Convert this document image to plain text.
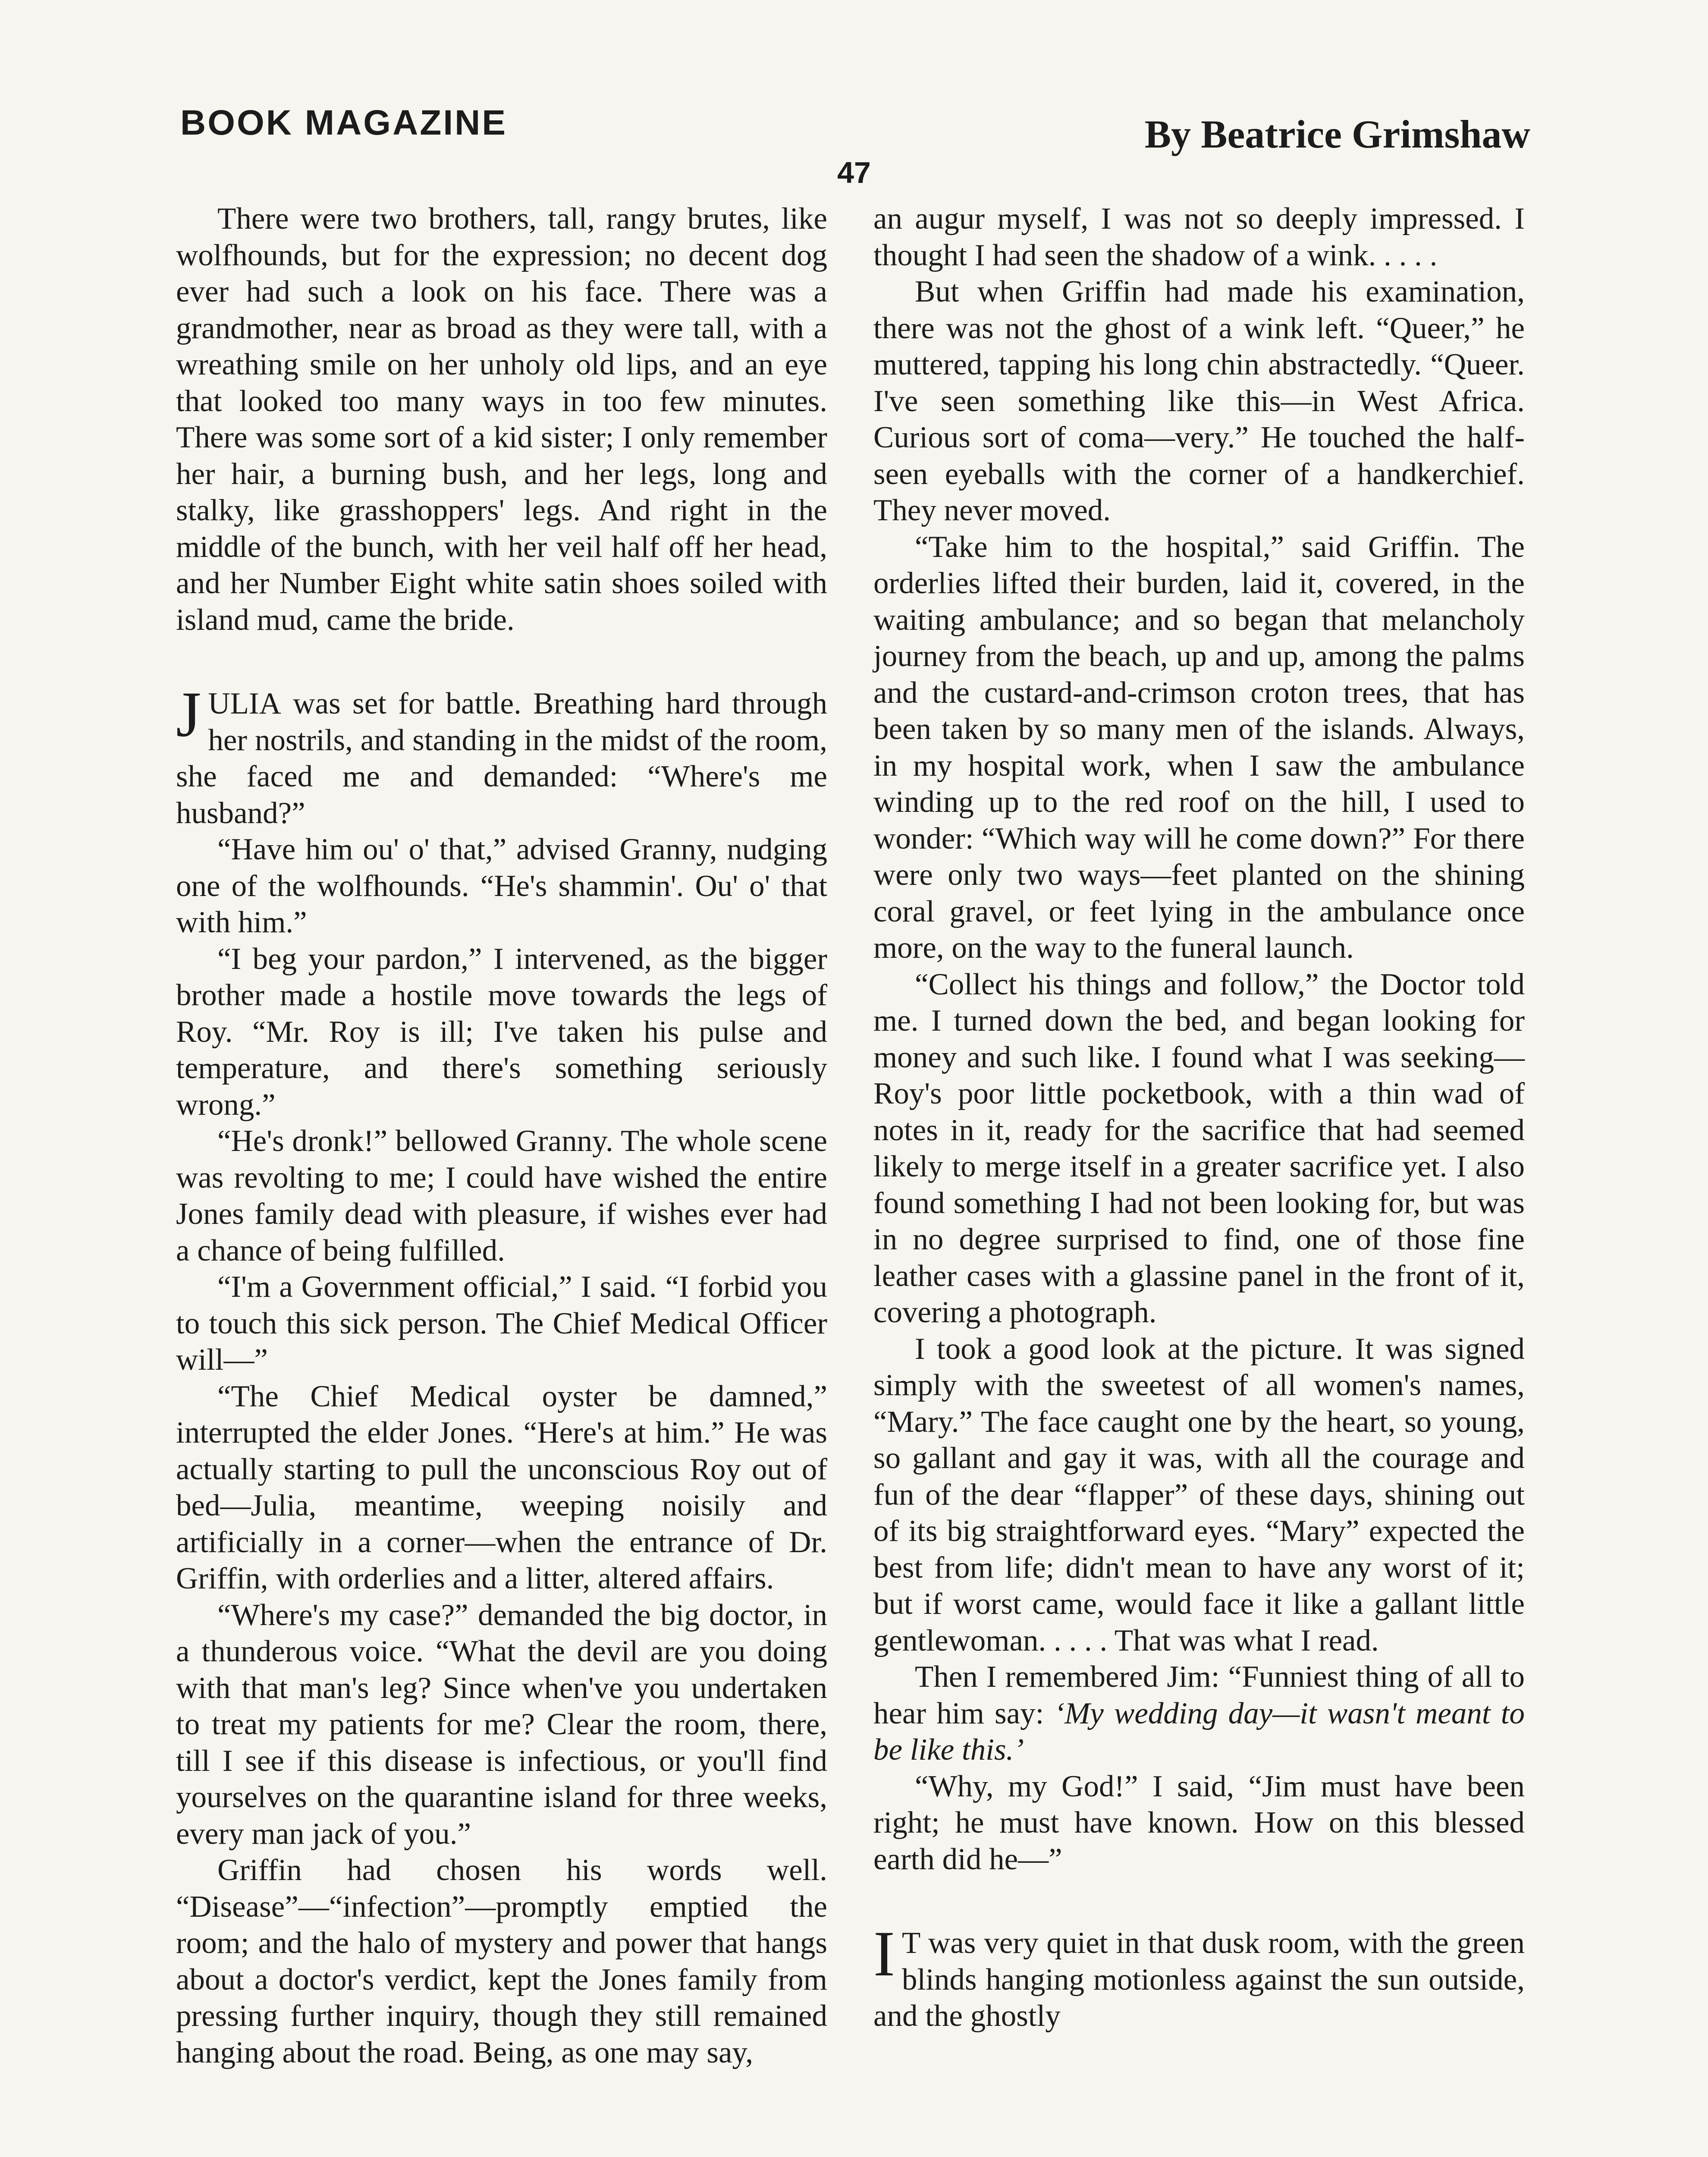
BOOK MAGAZINE	By Beatrice Grimshaw
47

There were two brothers, tall, rangy brutes, like wolfhounds, but for the expression; no decent dog ever had such a look on his face. There was a grandmother, near as broad as they were tall, with a wreathing smile on her unholy old lips, and an eye that looked too many ways in too few minutes. There was some sort of a kid sister; I only remember her hair, a burning bush, and her legs, long and stalky, like grasshoppers' legs. And right in the middle of the bunch, with her veil half off her head, and her Number Eight white satin shoes soiled with island mud, came the bride.

JULIA was set for battle. Breathing hard through her nostrils, and standing in the midst of the room, she faced me and demanded: “Where's me husband?”

“Have him ou' o' that,” advised Granny, nudging one of the wolfhounds. “He's shammin'. Ou' o' that with him.”

“I beg your pardon,” I intervened, as the bigger brother made a hostile move towards the legs of Roy. “Mr. Roy is ill; I've taken his pulse and temperature, and there's something seriously wrong.”

“He's dronk!” bellowed Granny. The whole scene was revolting to me; I could have wished the entire Jones family dead with pleasure, if wishes ever had a chance of being fulfilled.

“I'm a Government official,” I said. “I forbid you to touch this sick person. The Chief Medical Officer will—”

“The Chief Medical oyster be damned,” interrupted the elder Jones. “Here's at him.” He was actually starting to pull the unconscious Roy out of bed—Julia, meantime, weeping noisily and artificially in a corner—when the entrance of Dr. Griffin, with orderlies and a litter, altered affairs.

“Where's my case?” demanded the big doctor, in a thunderous voice. “What the devil are you doing with that man's leg? Since when've you undertaken to treat my patients for me? Clear the room, there, till I see if this disease is infectious, or you'll find yourselves on the quarantine island for three weeks, every man jack of you.”

Griffin had chosen his words well. “Disease”—“infection”—promptly emptied the room; and the halo of mystery and power that hangs about a doctor's verdict, kept the Jones family from pressing further inquiry, though they still remained hanging about the road. Being, as one may say,

an augur myself, I was not so deeply impressed. I thought I had seen the shadow of a wink. . . . .

But when Griffin had made his examination, there was not the ghost of a wink left. “Queer,” he muttered, tapping his long chin abstractedly. “Queer. I've seen something like this—in West Africa. Curious sort of coma—very.” He touched the half-seen eyeballs with the corner of a handkerchief. They never moved.

“Take him to the hospital,” said Griffin. The orderlies lifted their burden, laid it, covered, in the waiting ambulance; and so began that melancholy journey from the beach, up and up, among the palms and the custard-and-crimson croton trees, that has been taken by so many men of the islands. Always, in my hospital work, when I saw the ambulance winding up to the red roof on the hill, I used to wonder: “Which way will he come down?” For there were only two ways—feet planted on the shining coral gravel, or feet lying in the ambulance once more, on the way to the funeral launch.

“Collect his things and follow,” the Doctor told me. I turned down the bed, and began looking for money and such like. I found what I was seeking—Roy's poor little pocketbook, with a thin wad of notes in it, ready for the sacrifice that had seemed likely to merge itself in a greater sacrifice yet. I also found something I had not been looking for, but was in no degree surprised to find, one of those fine leather cases with a glassine panel in the front of it, covering a photograph.

I took a good look at the picture. It was signed simply with the sweetest of all women's names, “Mary.” The face caught one by the heart, so young, so gallant and gay it was, with all the courage and fun of the dear “flapper” of these days, shining out of its big straightforward eyes. “Mary” expected the best from life; didn't mean to have any worst of it; but if worst came, would face it like a gallant little gentlewoman. . . . . That was what I read.

Then I remembered Jim: “Funniest thing of all to hear him say: ‘My wedding day—it wasn't meant to be like this.’

“Why, my God!” I said, “Jim must have been right; he must have known. How on this blessed earth did he—”

I T was very quiet in that dusk room, with the green blinds hanging motionless against the sun outside, and the ghostly
